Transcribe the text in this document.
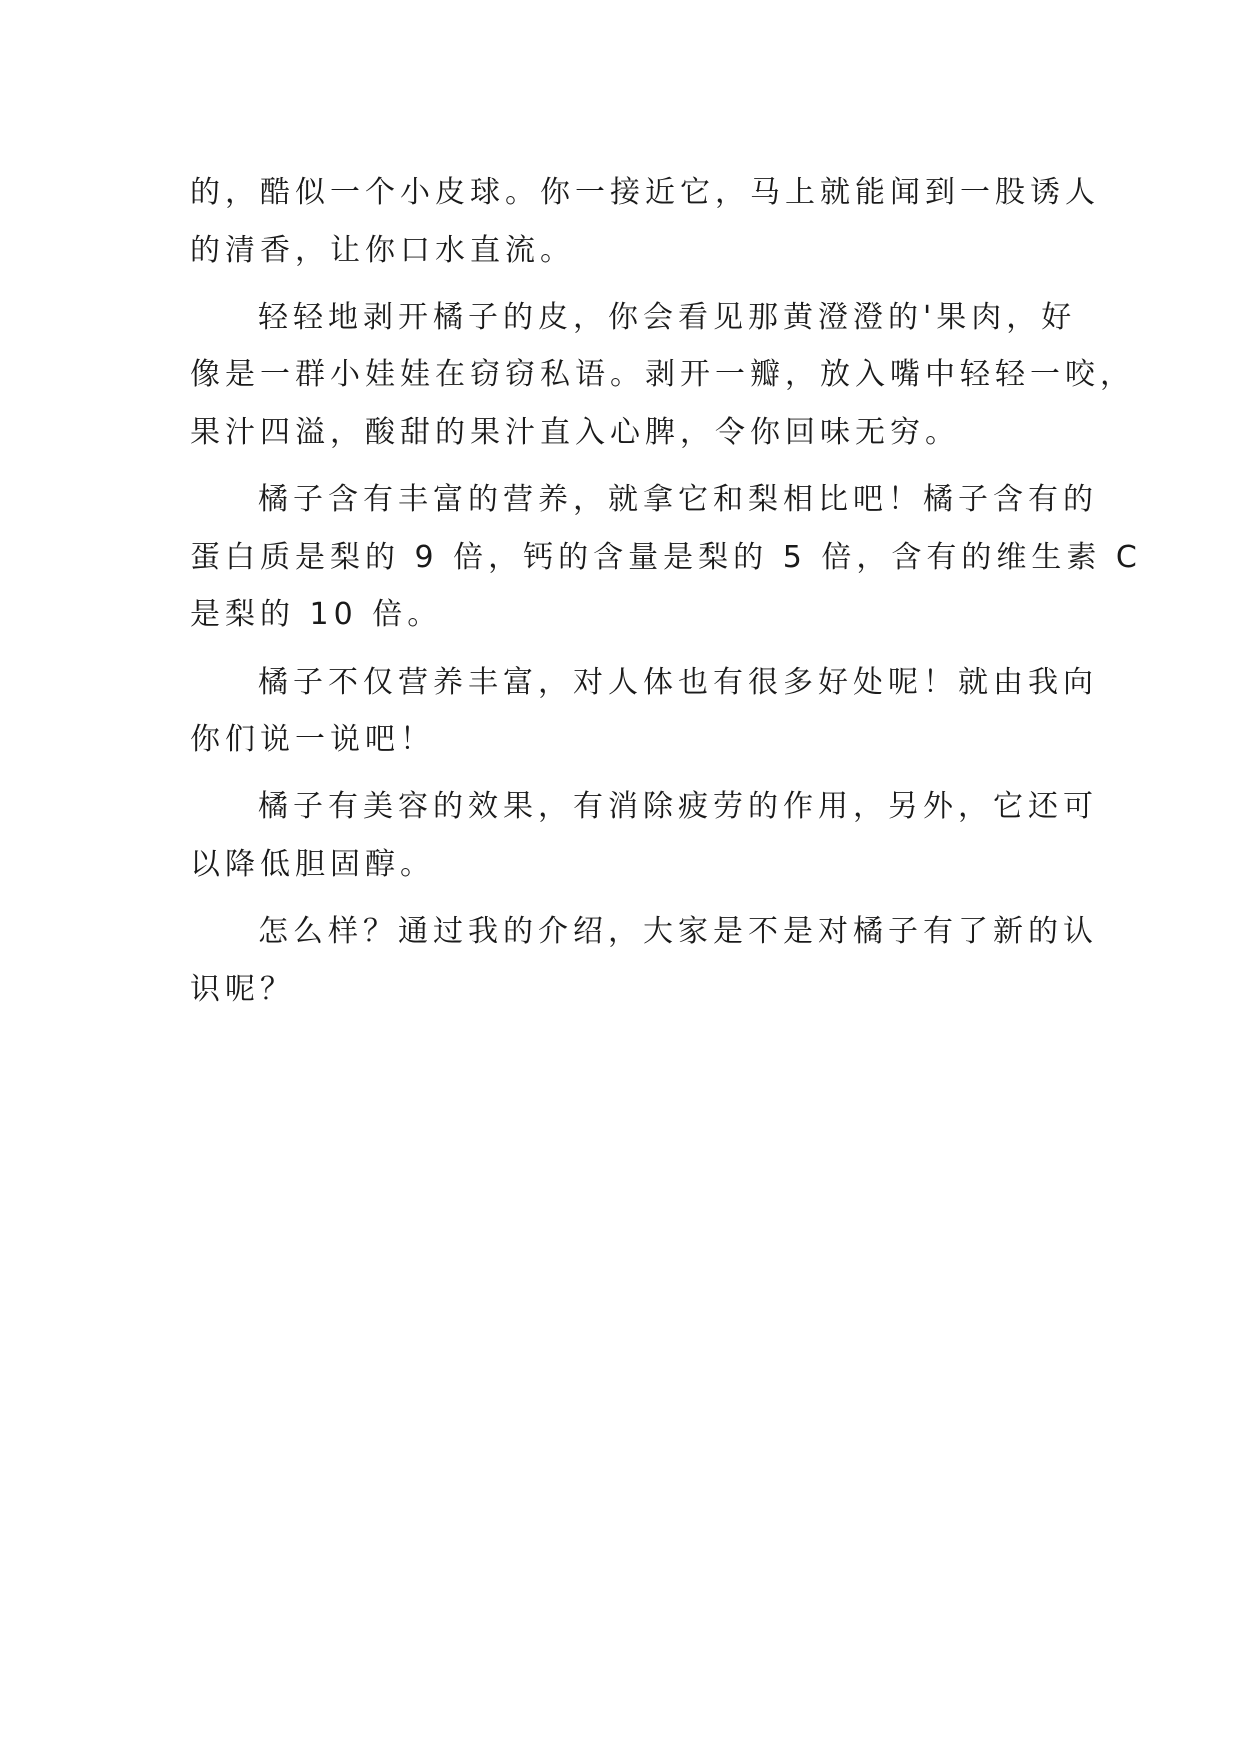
的，酷似一个小皮球。你一接近它，马上就能闻到一股诱人
的清香，让你口水直流。
轻轻地剥开橘子的皮，你会看见那黄澄澄的'果肉，好
像是一群小娃娃在窃窃私语。剥开一瓣，放入嘴中轻轻一咬，
果汁四溢，酸甜的果汁直入心脾，令你回味无穷。
橘子含有丰富的营养，就拿它和梨相比吧！橘子含有的
蛋白质是梨的 9 倍，钙的含量是梨的 5 倍，含有的维生素 C
是梨的 10 倍。
橘子不仅营养丰富，对人体也有很多好处呢！就由我向
你们说一说吧！
橘子有美容的效果，有消除疲劳的作用，另外，它还可
以降低胆固醇。
怎么样？通过我的介绍，大家是不是对橘子有了新的认
识呢？
